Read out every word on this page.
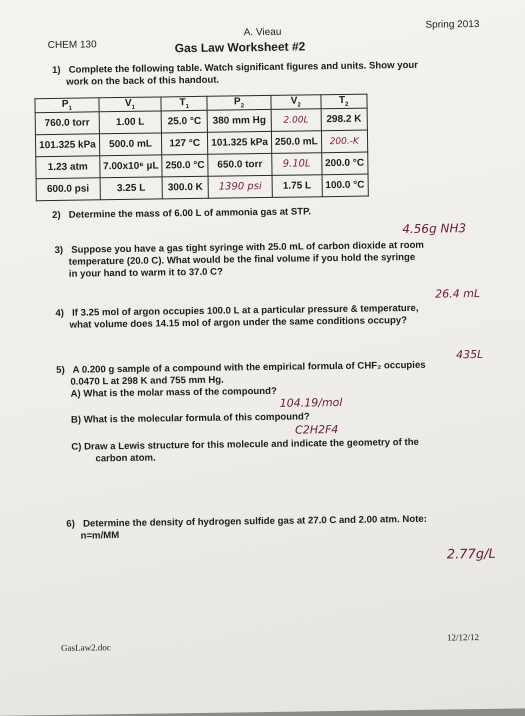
CHEM 130
A. Vieau
Gas Law Worksheet #2
Spring 2013
1) Complete the following table. Watch significant figures and units. Show your
work on the back of this handout.
$P_1$	$V_1$	$T_1$	$P_2$	$V_2$	$T_2$
760.0 torr	1.00 L	25.0 °C	380 mm Hg	2.00L	298.2 K
101.325 kPa	500.0 mL	127 °C	101.325 kPa	250.0 mL	200.-K
1.23 atm	7.00x10⁶ µL	250.0 °C	650.0 torr	9.10L	200.0 °C
600.0 psi	3.25 L	300.0 K	1390 psi	1.75 L	100.0 °C
2) Determine the mass of 6.00 L of ammonia gas at STP.
4.56g NH3
3) Suppose you have a gas tight syringe with 25.0 mL of carbon dioxide at room
temperature (20.0 C). What would be the final volume if you hold the syringe
in your hand to warm it to 37.0 C?
26.4 mL
4) If 3.25 mol of argon occupies 100.0 L at a particular pressure & temperature,
what volume does 14.15 mol of argon under the same conditions occupy?
435L
5) A 0.200 g sample of a compound with the empirical formula of CHF₂ occupies
0.0470 L at 298 K and 755 mm Hg.
A) What is the molar mass of the compound?
104.19/mol
B) What is the molecular formula of this compound?
C2H2F4
C) Draw a Lewis structure for this molecule and indicate the geometry of the
carbon atom.
6) Determine the density of hydrogen sulfide gas at 27.0 C and 2.00 atm. Note:
n=m/MM
2.77g/L
GasLaw2.doc
12/12/12
